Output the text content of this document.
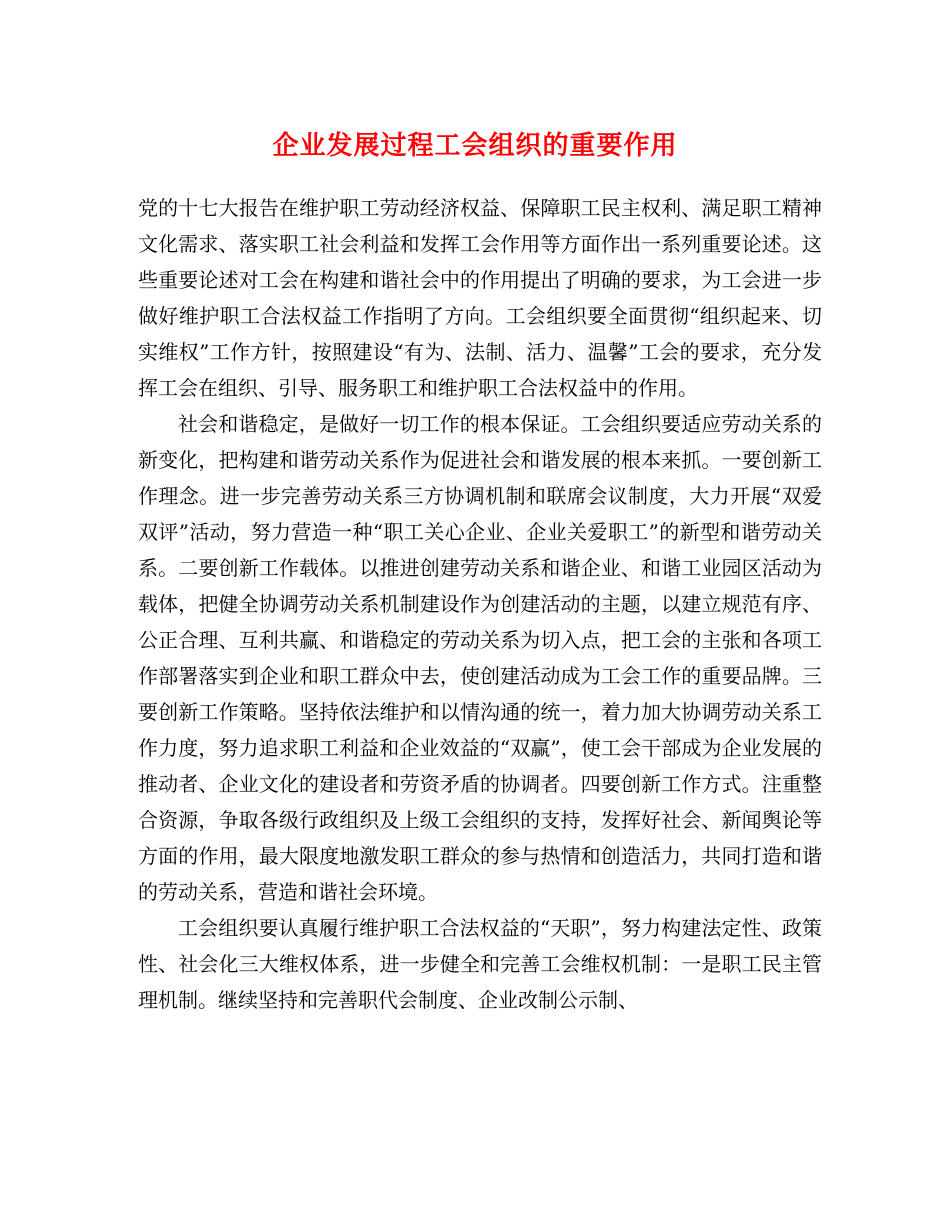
企业发展过程工会组织的重要作用

党的十七大报告在维护职工劳动经济权益、保障职工民主权利、满足职工精神文化需求、落实职工社会利益和发挥工会作用等方面作出一系列重要论述。这些重要论述对工会在构建和谐社会中的作用提出了明确的要求，为工会进一步做好维护职工合法权益工作指明了方向。工会组织要全面贯彻“组织起来、切实维权”工作方针，按照建设“有为、法制、活力、温馨”工会的要求，充分发挥工会在组织、引导、服务职工和维护职工合法权益中的作用。

社会和谐稳定，是做好一切工作的根本保证。工会组织要适应劳动关系的新变化，把构建和谐劳动关系作为促进社会和谐发展的根本来抓。一要创新工作理念。进一步完善劳动关系三方协调机制和联席会议制度，大力开展“双爱双评”活动，努力营造一种“职工关心企业、企业关爱职工”的新型和谐劳动关系。二要创新工作载体。以推进创建劳动关系和谐企业、和谐工业园区活动为载体，把健全协调劳动关系机制建设作为创建活动的主题，以建立规范有序、公正合理、互利共赢、和谐稳定的劳动关系为切入点，把工会的主张和各项工作部署落实到企业和职工群众中去，使创建活动成为工会工作的重要品牌。三要创新工作策略。坚持依法维护和以情沟通的统一，着力加大协调劳动关系工作力度，努力追求职工利益和企业效益的“双赢”，使工会干部成为企业发展的推动者、企业文化的建设者和劳资矛盾的协调者。四要创新工作方式。注重整合资源，争取各级行政组织及上级工会组织的支持，发挥好社会、新闻舆论等方面的作用，最大限度地激发职工群众的参与热情和创造活力，共同打造和谐的劳动关系，营造和谐社会环境。

工会组织要认真履行维护职工合法权益的“天职”，努力构建法定性、政策性、社会化三大维权体系，进一步健全和完善工会维权机制：一是职工民主管理机制。继续坚持和完善职代会制度、企业改制公示制、
